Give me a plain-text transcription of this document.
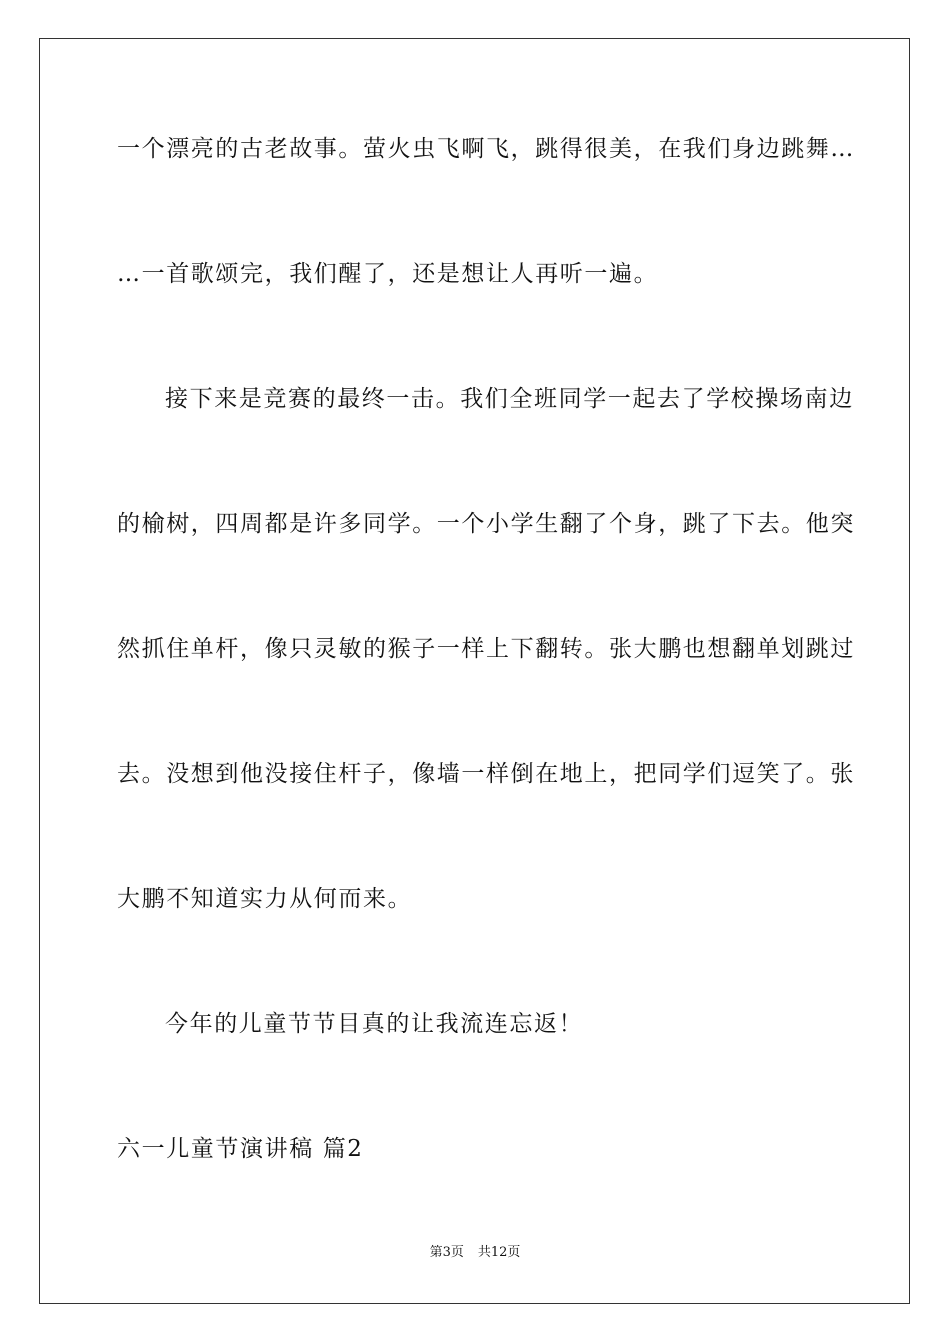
一个漂亮的古老故事。萤火虫飞啊飞，跳得很美，在我们身边跳舞…
…一首歌颂完，我们醒了，还是想让人再听一遍。
接下来是竞赛的最终一击。我们全班同学一起去了学校操场南边
的榆树，四周都是许多同学。一个小学生翻了个身，跳了下去。他突
然抓住单杆，像只灵敏的猴子一样上下翻转。张大鹏也想翻单划跳过
去。没想到他没接住杆子，像墙一样倒在地上，把同学们逗笑了。张
大鹏不知道实力从何而来。
今年的儿童节节目真的让我流连忘返！
六一儿童节演讲稿 篇2
第3页 共12页
